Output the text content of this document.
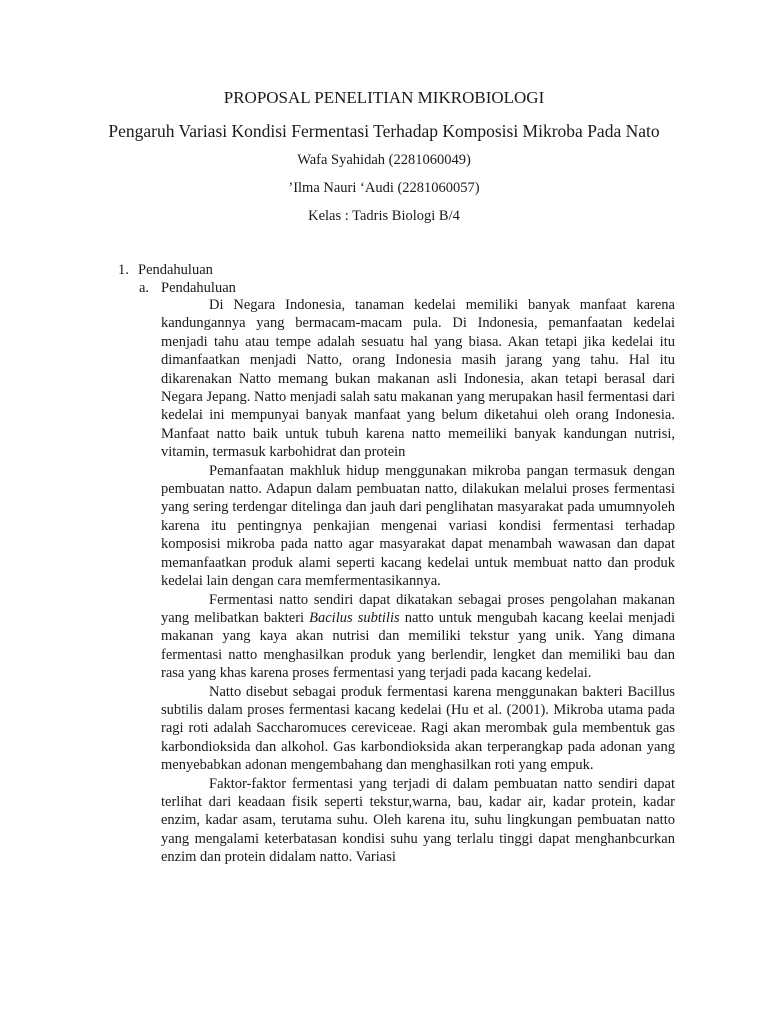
PROPOSAL PENELITIAN MIKROBIOLOGI
Pengaruh Variasi Kondisi Fermentasi Terhadap Komposisi Mikroba Pada Nato
Wafa Syahidah (2281060049)
’Ilma Nauri ‘Audi (2281060057)
Kelas : Tadris Biologi B/4
1. Pendahuluan
a. Pendahuluan

Di Negara Indonesia, tanaman kedelai memiliki banyak manfaat karena kandungannya yang bermacam-macam pula. Di Indonesia, pemanfaatan kedelai menjadi tahu atau tempe adalah sesuatu hal yang biasa. Akan tetapi jika kedelai itu dimanfaatkan menjadi Natto, orang Indonesia masih jarang yang tahu. Hal itu dikarenakan Natto memang bukan makanan asli Indonesia, akan tetapi berasal dari Negara Jepang. Natto menjadi salah satu makanan yang merupakan hasil fermentasi dari kedelai ini mempunyai banyak manfaat yang belum diketahui oleh orang Indonesia. Manfaat natto baik untuk tubuh karena natto memeiliki banyak kandungan nutrisi, vitamin, termasuk karbohidrat dan protein

Pemanfaatan makhluk hidup menggunakan mikroba pangan termasuk dengan pembuatan natto. Adapun dalam pembuatan natto, dilakukan melalui proses fermentasi yang sering terdengar ditelinga dan jauh dari penglihatan masyarakat pada umumnyoleh karena itu pentingnya penkajian mengenai variasi kondisi fermentasi terhadap komposisi mikroba pada natto agar masyarakat dapat menambah wawasan dan dapat memanfaatkan produk alami seperti kacang kedelai untuk membuat natto dan produk kedelai lain dengan cara memfermentasikannya.

Fermentasi natto sendiri dapat dikatakan sebagai proses pengolahan makanan yang melibatkan bakteri Bacilus subtilis natto untuk mengubah kacang keelai menjadi makanan yang kaya akan nutrisi dan memiliki tekstur yang unik. Yang dimana fermentasi natto menghasilkan produk yang berlendir, lengket dan memiliki bau dan rasa yang khas karena proses fermentasi yang terjadi pada kacang kedelai.

Natto disebut sebagai produk fermentasi karena menggunakan bakteri Bacillus subtilis dalam proses fermentasi kacang kedelai (Hu et al. (2001). Mikroba utama pada ragi roti adalah Saccharomuces cereviceae. Ragi akan merombak gula membentuk gas karbondioksida dan alkohol. Gas karbondioksida akan terperangkap pada adonan yang menyebabkan adonan mengembahang dan menghasilkan roti yang empuk.

Faktor-faktor fermentasi yang terjadi di dalam pembuatan natto sendiri dapat terlihat dari keadaan fisik seperti tekstur,warna, bau, kadar air, kadar protein, kadar enzim, kadar asam, terutama suhu. Oleh karena itu, suhu lingkungan pembuatan natto yang mengalami keterbatasan kondisi suhu yang terlalu tinggi dapat menghanbcurkan enzim dan protein didalam natto. Variasi
